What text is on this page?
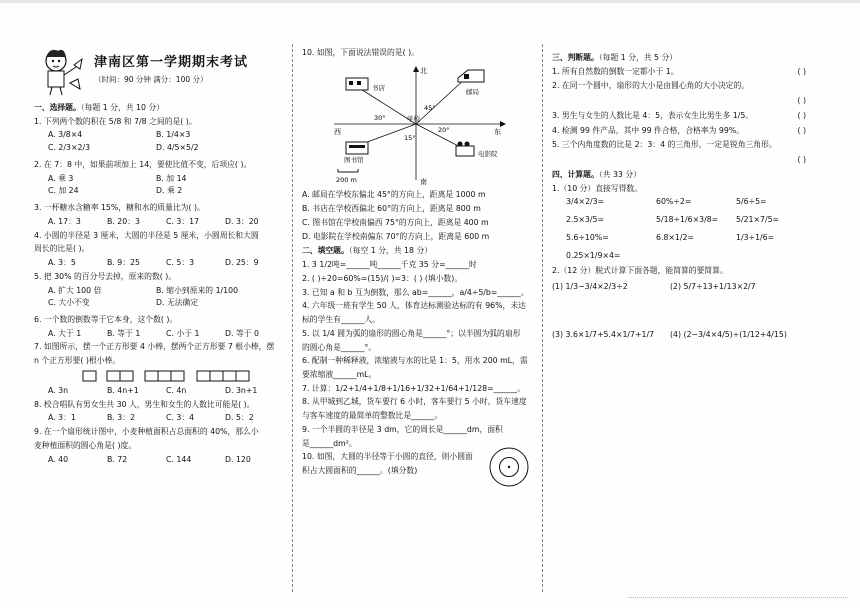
津南区第一学期期末考试
（时间：90 分钟 满分：100 分）
一、选择题。（每题 1 分，共 10 分）
1. 下列两个数的积在 5/8 和 7/8 之间的是( )。
A. 3/8×4	B. 1/4×3
C. 2/3×2/3	D. 4/5×5/2
2. 在 7：8 中，如果前项加上 14，要使比值不变，后项应( )。
A. 乘 3	B. 加 14
C. 加 24	D. 乘 2
3. 一杯糖水含糖率 15%，糖和水的质量比为( )。
A. 17：3	B. 20：3	C. 3：17	D. 3：20
4. 小圆的半径是 3 厘米，大圆的半径是 5 厘米，小圆周长和大圆
周长的比是( )。
A. 3：5	B. 9：25	C. 5：3	D. 25：9
5. 把 30% 的百分号去掉，原来的数( )。
A. 扩大 100 倍	B. 缩小到原来的 1/100
C. 大小不变	D. 无法确定
6. 一个数的倒数等于它本身，这个数( )。
A. 大于 1	B. 等于 1	C. 小于 1	D. 等于 0
7. 如图所示，摆一个正方形要 4 小棒，摆两个正方形要 7 根小棒，摆
n 个正方形要( )根小棒。
A. 3n	B. 4n+1	C. 4n	D. 3n+1
8. 校合唱队有男女生共 30 人，男生和女生的人数比可能是( )。
A. 3：1	B. 3：2	C. 3：4	D. 5：2
9. 在一个扇形统计图中，小麦种植面积占总面积的 40%，那么小
麦种植面积的圆心角是( )度。
A. 40	B. 72	C. 144	D. 120
10. 如图，下面说法错误的是( )。
北
南
东
西
书店	邮局
学校
图书馆
电影院
45°
30°
20°
15°
200 m
A. 邮局在学校东偏北 45°的方向上，距离是 1000 m
B. 书店在学校西偏北 60°的方向上，距离是 800 m
C. 图书馆在学校南偏西 75°的方向上，距离是 400 m
D. 电影院在学校南偏东 70°的方向上，距离是 600 m
二、填空题。（每空 1 分，共 18 分）
1. 3 1/2吨=______吨______千克 35 分=______时
2. ( )÷20=60%=(15)/( )=3：( ) (填小数)。
3. 已知 a 和 b 互为倒数，那么 ab=______，a/4÷5/b=______。
4. 六年级一班有学生 50 人，体育达标测验达标的有 96%，未达
标的学生有______人。
5. 以 1/4 圆为弧的扇形的圆心角是______°；以半圆为弧的扇形
的圆心角是______°。
6. 配制一种稀释液，浓缩液与水的比是 1：5，用水 200 mL，需
要浓缩液______mL。
7. 计算：1/2+1/4+1/8+1/16+1/32+1/64+1/128=______。
8. 从甲城到乙城，货车要行 6 小时，客车要行 5 小时，货车速度
与客车速度的最简单的整数比是______。
9. 一个半圆的半径是 3 dm，它的周长是______dm，面积
是______dm²。
10. 如图，大圆的半径等于小圆的直径，则小圆面
积占大圆面积的______。(填分数)
三、判断题。（每题 1 分，共 5 分）
1. 所有自然数的倒数一定都小于 1。	( )
2. 在同一个圆中，扇形的大小是由圆心角的大小决定的。
( )

3. 男生与女生的人数比是 4：5，表示女生比男生多 1/5。	( )
4. 检测 99 件产品，其中 99 件合格，合格率为 99%。	( )
5. 三个内角度数的比是 2：3：4 的三角形，一定是锐角三角形。
( )

四、计算题。（共 33 分）
1.（10 分）直接写得数。
3/4×2/3=	60%÷2=	5/6÷5=
2.5×3/5=	5/18÷1/6×3/8=	5/21×7/5=
5.6÷10%=	6.8×1/2=	1/3÷1/6=
0.25×1/9×4=
2.（12 分）脱式计算下面各题，能简算的要简算。
(1) 1/3−3/4×2/3÷2	(2) 5/7÷13+1/13×2/7
(3) 3.6×1/7+5.4×1/7+1/7	(4) (2−3/4×4/5)÷(1/12+4/15)
